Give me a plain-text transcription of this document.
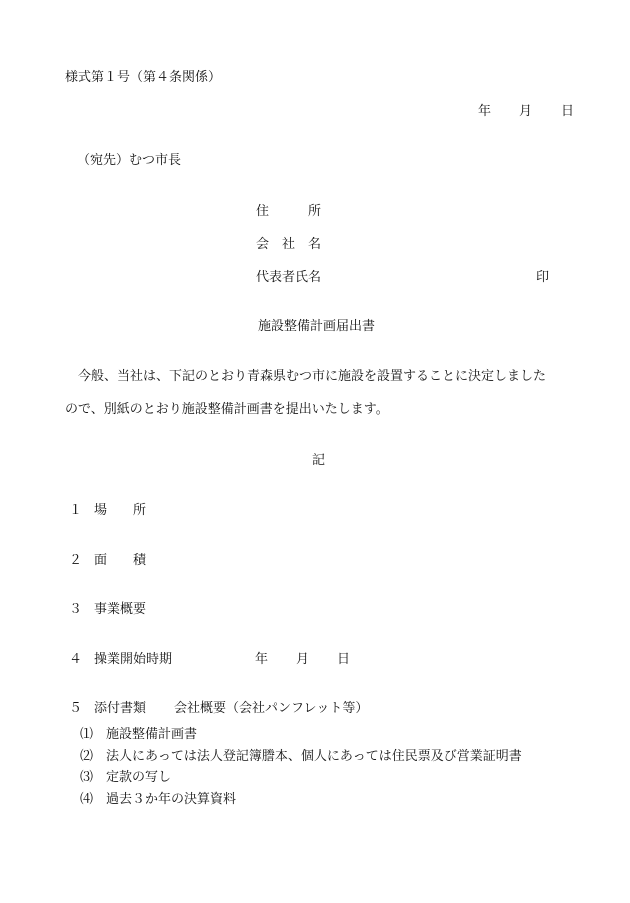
様式第１号（第４条関係）
年 月 日
（宛先）むつ市長
住　　　所
会　社　名
代表者氏名	印
施設整備計画届出書
　今般、当社は、下記のとおり青森県むつ市に施設を設置することに決定しました
ので、別紙のとおり施設整備計画書を提出いたします。
記
１ 場　　所
２ 面　　積
３ 事業概要
４ 操業開始時期	年 月 日
５ 添付書類 会社概要（会社パンフレット等）
⑴ 施設整備計画書
⑵ 法人にあっては法人登記簿謄本、個人にあっては住民票及び営業証明書
⑶ 定款の写し
⑷ 過去３か年の決算資料
